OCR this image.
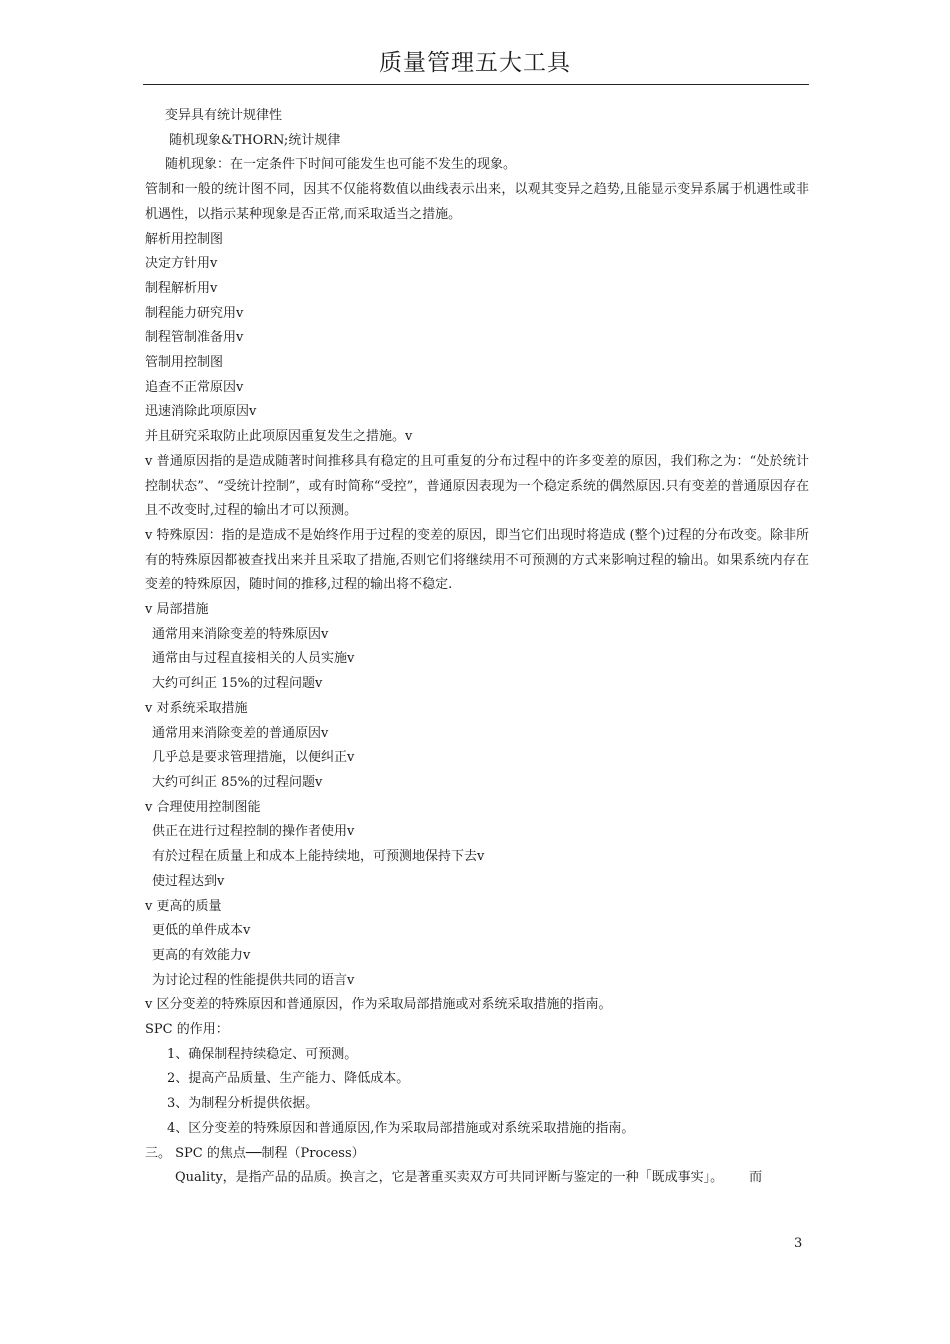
质量管理五大工具
变异具有统计规律性
随机现象&THORN;统计规律
随机现象：在一定条件下时间可能发生也可能不发生的现象。
管制和一般的统计图不同，因其不仅能将数值以曲线表示出来，以观其变异之趋势,且能显示变异系属于机遇性或非机遇性，以指示某种现象是否正常,而采取适当之措施。
解析用控制图
决定方针用v
制程解析用v
制程能力研究用v
制程管制准备用v
管制用控制图
追查不正常原因v
迅速消除此项原因v
并且研究采取防止此项原因重复发生之措施。v
v 普通原因指的是造成随著时间推移具有稳定的且可重复的分布过程中的许多变差的原因，我们称之为：“处於统计控制状态”、“受统计控制”，或有时简称“受控”，普通原因表现为一个稳定系统的偶然原因.只有变差的普通原因存在且不改变时,过程的输出才可以预测。
v 特殊原因：指的是造成不是始终作用于过程的变差的原因，即当它们出现时将造成 (整个)过程的分布改变。除非所有的特殊原因都被查找出来并且采取了措施,否则它们将继续用不可预测的方式来影响过程的输出。如果系统内存在变差的特殊原因，随时间的推移,过程的输出将不稳定.
v 局部措施
通常用来消除变差的特殊原因v
通常由与过程直接相关的人员实施v
大约可纠正 15%的过程问题v
v 对系统采取措施
通常用来消除变差的普通原因v
几乎总是要求管理措施，以便纠正v
大约可纠正 85%的过程问题v
v 合理使用控制图能
供正在进行过程控制的操作者使用v
有於过程在质量上和成本上能持续地，可预测地保持下去v
使过程达到v
v 更高的质量
更低的单件成本v
更高的有效能力v
为讨论过程的性能提供共同的语言v
v 区分变差的特殊原因和普通原因，作为采取局部措施或对系统采取措施的指南。
SPC 的作用：
1、确保制程持续稳定、可预测。
2、提高产品质量、生产能力、降低成本。
3、为制程分析提供依据。
4、区分变差的特殊原因和普通原因,作为采取局部措施或对系统采取措施的指南。
三。 SPC 的焦点──制程（Process）
Quality，是指产品的品质。换言之，它是著重买卖双方可共同评断与鉴定的一种「既成事实」。 而
3
